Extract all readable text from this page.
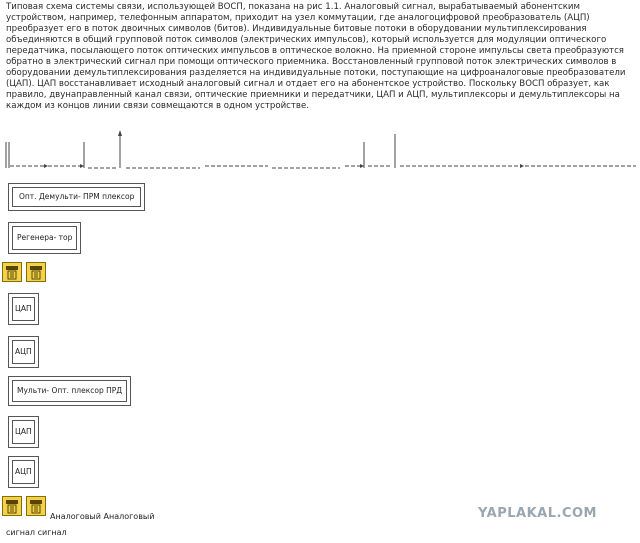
Типовая схема системы связи, использующей ВОСП, показана на рис 1.1. Аналоговый сигнал, вырабатываемый абонентским устройством, например, телефонным аппаратом, приходит на узел коммутации, где аналогоцифровой преобразователь (АЦП) преобразует его в поток двоичных символов (битов). Индивидуальные битовые потоки в оборудовании мультиплексирования объединяются в общий групповой поток символов (электрических импульсов), который используется для модуляции оптического передатчика, посылающего поток оптических импульсов в оптическое волокно. На приемной стороне импульсы света преобразуются обратно в электрический сигнал при помощи оптического приемника. Восстановленный групповой поток электрических символов в оборудовании демультиплексирования разделяется на индивидуальные потоки, поступающие на цифроаналоговые преобразователи (ЦАП). ЦАП восстанавливает исходный аналоговый сигнал и отдает его на абонентское устройство. Поскольку ВОСП образует, как правило, двунаправленный канал связи, оптические приемники и передатчики, ЦАП и АЦП, мультиплексоры и демультиплексоры на каждом из концов линии связи совмещаются в одном устройстве.
Опт. Демульти- ПРМ плексор
Регенера- тор
ЦАП
АЦП
Мульти- Опт. плексор ПРД
ЦАП
АЦП
Аналоговый Аналоговый
сигнал сигнал
YAPLAKAL.COM
